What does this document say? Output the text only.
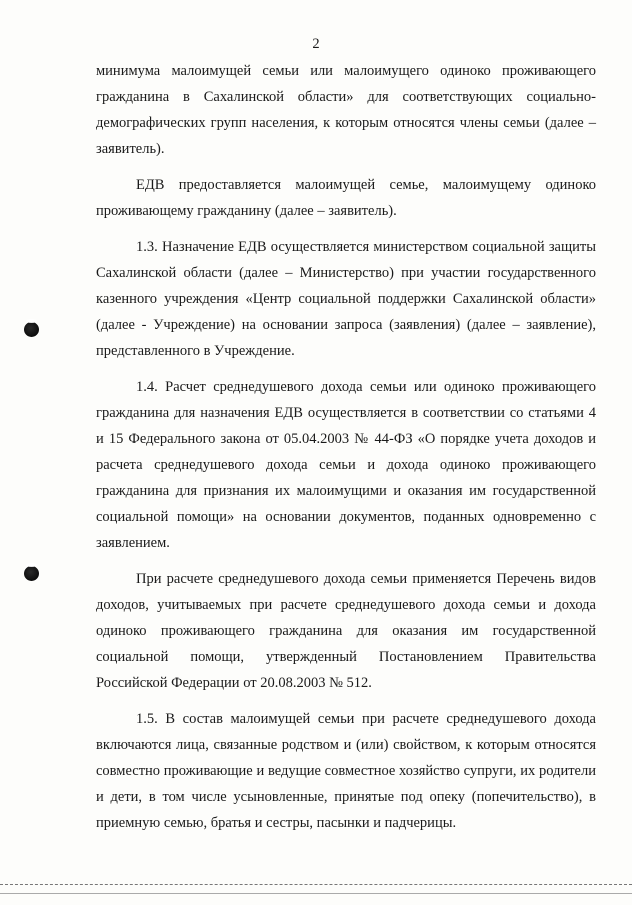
2

минимума малоимущей семьи или малоимущего одиноко проживающего гражданина в Сахалинской области» для соответствующих социально-демографических групп населения, к которым относятся члены семьи (далее – заявитель).

ЕДВ предоставляется малоимущей семье, малоимущему одиноко проживающему гражданину (далее – заявитель).

1.3. Назначение ЕДВ осуществляется министерством социальной защиты Сахалинской области (далее – Министерство) при участии государственного казенного учреждения «Центр социальной поддержки Сахалинской области» (далее - Учреждение) на основании запроса (заявления) (далее – заявление), представленного в Учреждение.

1.4. Расчет среднедушевого дохода семьи или одиноко проживающего гражданина для назначения ЕДВ осуществляется в соответствии со статьями 4 и 15 Федерального закона от 05.04.2003 № 44-ФЗ «О порядке учета доходов и расчета среднедушевого дохода семьи и дохода одиноко проживающего гражданина для признания их малоимущими и оказания им государственной социальной помощи» на основании документов, поданных одновременно с заявлением.

При расчете среднедушевого дохода семьи применяется Перечень видов доходов, учитываемых при расчете среднедушевого дохода семьи и дохода одиноко проживающего гражданина для оказания им государственной социальной помощи, утвержденный Постановлением Правительства Российской Федерации от 20.08.2003 № 512.

1.5. В состав малоимущей семьи при расчете среднедушевого дохода включаются лица, связанные родством и (или) свойством, к которым относятся совместно проживающие и ведущие совместное хозяйство супруги, их родители и дети, в том числе усыновленные, принятые под опеку (попечительство), в приемную семью, братья и сестры, пасынки и падчерицы.
